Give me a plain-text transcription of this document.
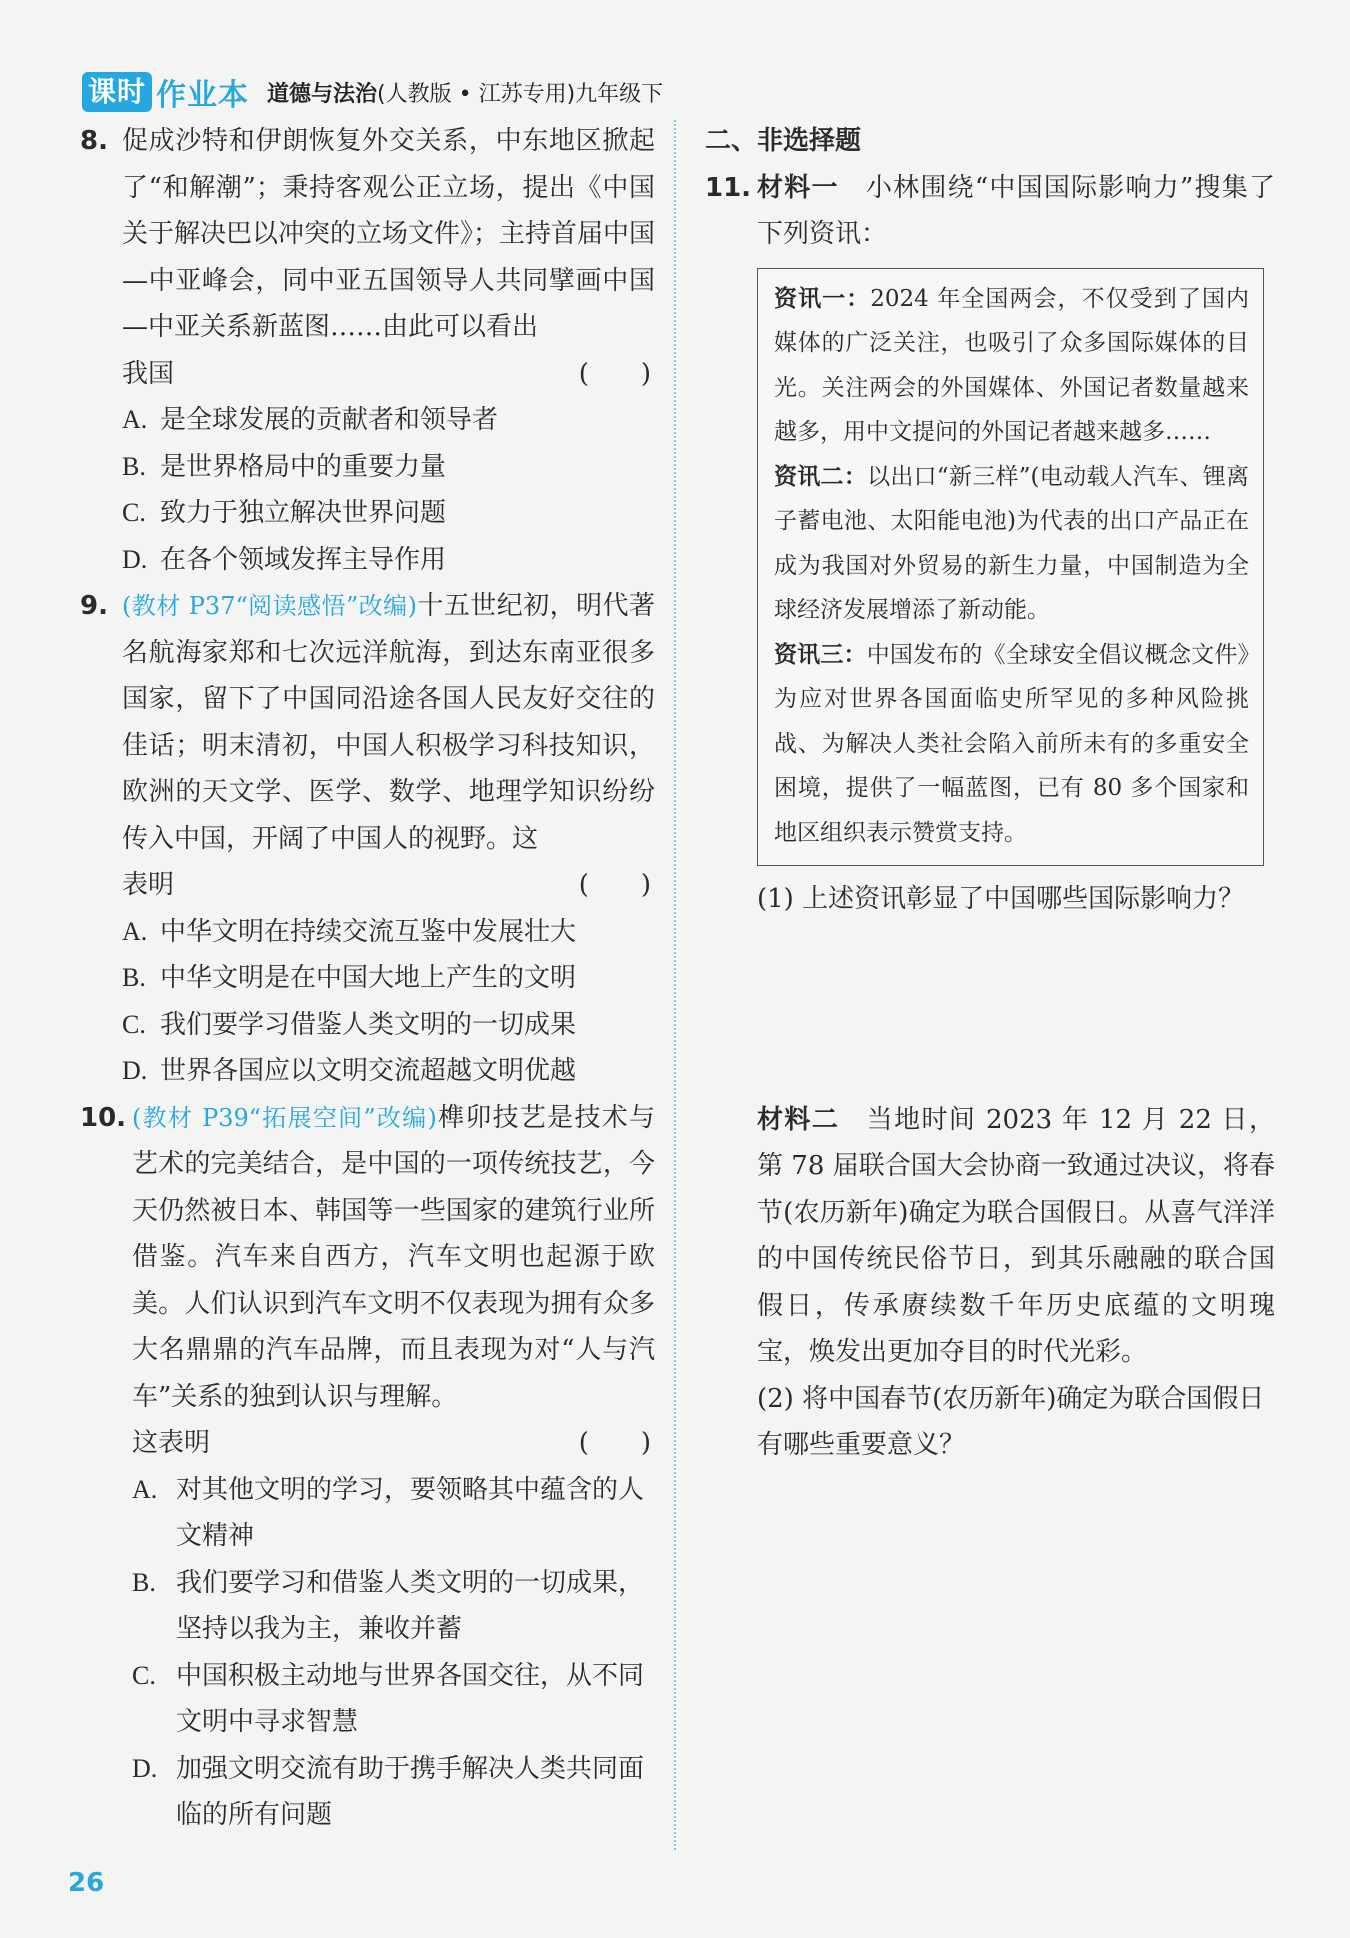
课时 作业本 道德与法治(人教版 • 江苏专用)九年级下
8. 促成沙特和伊朗恢复外交关系，中东地区掀起了“和解潮”；秉持客观公正立场，提出《中国关于解决巴以冲突的立场文件》；主持首届中国—中亚峰会，同中亚五国领导人共同擘画中国—中亚关系新蓝图……由此可以看出
我国	(　　)
A. 是全球发展的贡献者和领导者
B. 是世界格局中的重要力量
C. 致力于独立解决世界问题
D. 在各个领域发挥主导作用
9. (教材 P37“阅读感悟”改编)十五世纪初，明代著名航海家郑和七次远洋航海，到达东南亚很多国家，留下了中国同沿途各国人民友好交往的佳话；明末清初，中国人积极学习科技知识，欧洲的天文学、医学、数学、地理学知识纷纷传入中国，开阔了中国人的视野。这
表明	(　　)
A. 中华文明在持续交流互鉴中发展壮大
B. 中华文明是在中国大地上产生的文明
C. 我们要学习借鉴人类文明的一切成果
D. 世界各国应以文明交流超越文明优越
10. (教材 P39“拓展空间”改编)榫卯技艺是技术与艺术的完美结合，是中国的一项传统技艺，今天仍然被日本、韩国等一些国家的建筑行业所借鉴。汽车来自西方，汽车文明也起源于欧美。人们认识到汽车文明不仅表现为拥有众多大名鼎鼎的汽车品牌，而且表现为对“人与汽车”关系的独到认识与理解。
这表明	(　　)
A. 对其他文明的学习，要领略其中蕴含的人文精神
B. 我们要学习和借鉴人类文明的一切成果，坚持以我为主，兼收并蓄
C. 中国积极主动地与世界各国交往，从不同文明中寻求智慧
D. 加强文明交流有助于携手解决人类共同面临的所有问题
二、非选择题
11. 材料一　 小林围绕“中国国际影响力”搜集了下列资讯：

资讯一：2024 年全国两会，不仅受到了国内媒体的广泛关注，也吸引了众多国际媒体的目光。关注两会的外国媒体、外国记者数量越来越多，用中文提问的外国记者越来越多……

资讯二：以出口“新三样”(电动载人汽车、锂离子蓄电池、太阳能电池)为代表的出口产品正在成为我国对外贸易的新生力量，中国制造为全球经济发展增添了新动能。

资讯三：中国发布的《全球安全倡议概念文件》为应对世界各国面临史所罕见的多种风险挑战、为解决人类社会陷入前所未有的多重安全困境，提供了一幅蓝图，已有 80 多个国家和地区组织表示赞赏支持。

(1) 上述资讯彰显了中国哪些国际影响力？
材料二　 当地时间 2023 年 12 月 22 日，第 78 届联合国大会协商一致通过决议，将春节(农历新年)确定为联合国假日。从喜气洋洋的中国传统民俗节日，到其乐融融的联合国假日，传承赓续数千年历史底蕴的文明瑰宝，焕发出更加夺目的时代光彩。
(2) 将中国春节(农历新年)确定为联合国假日有哪些重要意义？
26
